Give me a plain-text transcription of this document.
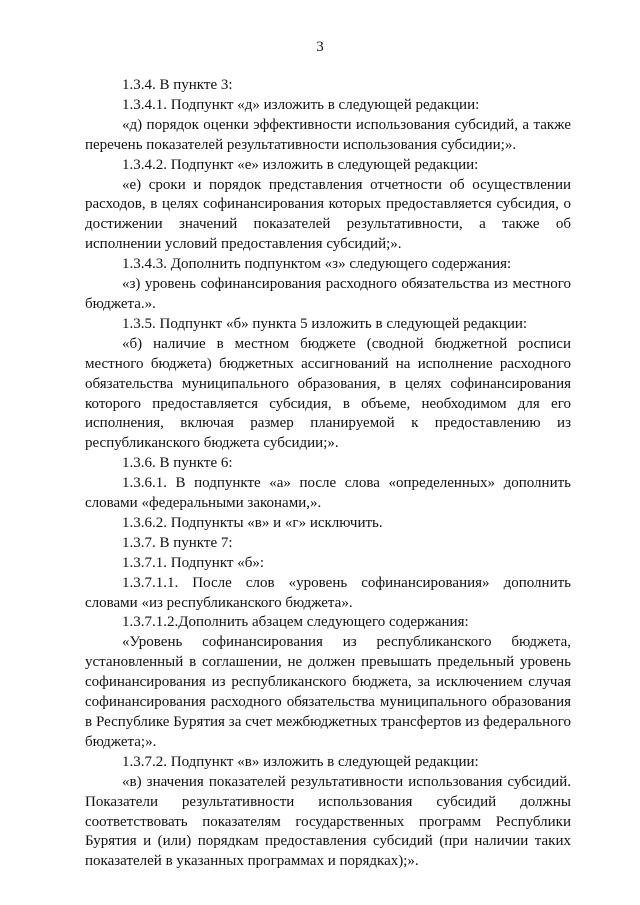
3

1.3.4. В пункте 3:

1.3.4.1. Подпункт «д» изложить в следующей редакции:

«д) порядок оценки эффективности использования субсидий, а также перечень показателей результативности использования субсидии;».

1.3.4.2. Подпункт «е» изложить в следующей редакции:

«е) сроки и порядок представления отчетности об осуществлении расходов, в целях софинансирования которых предоставляется субсидия, о достижении значений показателей результативности, а также об исполнении условий предоставления субсидий;».

1.3.4.3. Дополнить подпунктом «з» следующего содержания:

«з) уровень софинансирования расходного обязательства из местного бюджета.».

1.3.5. Подпункт «б» пункта 5 изложить в следующей редакции:

«б) наличие в местном бюджете (сводной бюджетной росписи местного бюджета) бюджетных ассигнований на исполнение расходного обязательства муниципального образования, в целях софинансирования которого предоставляется субсидия, в объеме, необходимом для его исполнения, включая размер планируемой к предоставлению из республиканского бюджета субсидии;».

1.3.6. В пункте 6:

1.3.6.1. В подпункте «а» после слова «определенных» дополнить словами «федеральными законами,».

1.3.6.2. Подпункты «в» и «г» исключить.

1.3.7. В пункте 7:

1.3.7.1. Подпункт «б»:

1.3.7.1.1. После слов «уровень софинансирования» дополнить словами «из республиканского бюджета».

1.3.7.1.2.Дополнить абзацем следующего содержания:

«Уровень софинансирования из республиканского бюджета, установленный в соглашении, не должен превышать предельный уровень софинансирования из республиканского бюджета, за исключением случая софинансирования расходного обязательства муниципального образования в Республике Бурятия за счет межбюджетных трансфертов из федерального бюджета;».

1.3.7.2. Подпункт «в» изложить в следующей редакции:

«в) значения показателей результативности использования субсидий. Показатели результативности использования субсидий должны соответствовать показателям государственных программ Республики Бурятия и (или) порядкам предоставления субсидий (при наличии таких показателей в указанных программах и порядках);».
